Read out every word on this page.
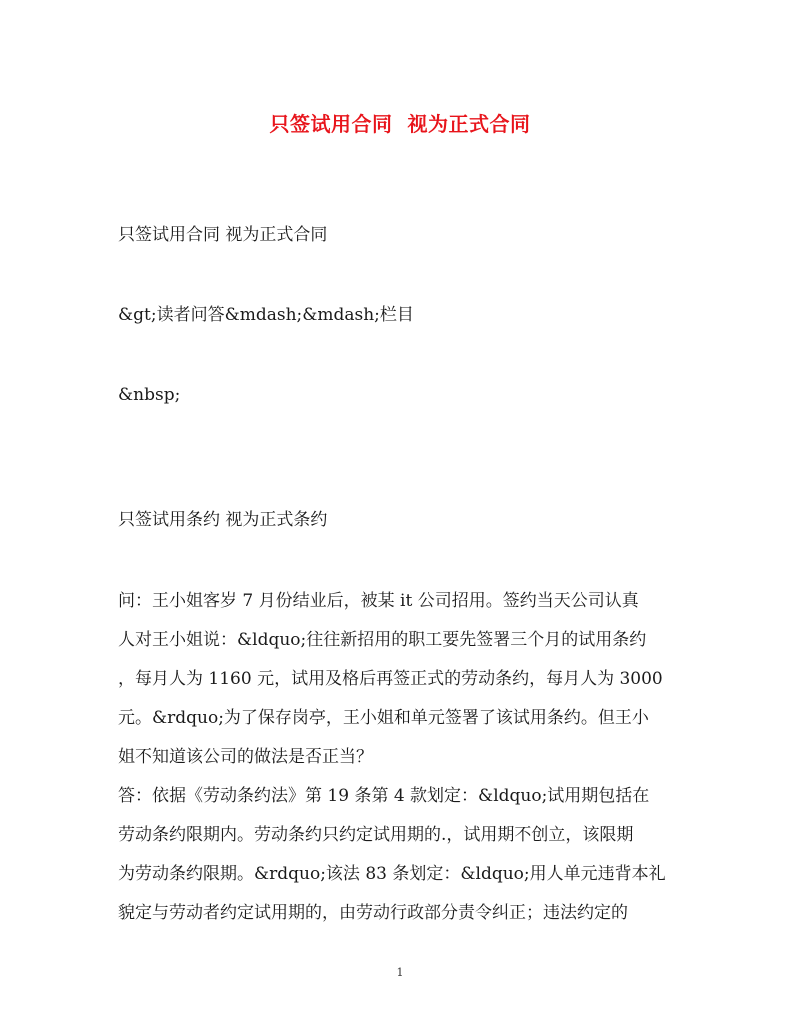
只签试用合同  视为正式合同
只签试用合同 视为正式合同
&gt;读者问答&mdash;&mdash;栏目
&nbsp;
只签试用条约 视为正式条约
问：王小姐客岁 7 月份结业后，被某 it 公司招用。签约当天公司认真
人对王小姐说：&ldquo;往往新招用的职工要先签署三个月的试用条约
，每月人为 1160 元，试用及格后再签正式的劳动条约，每月人为 3000
元。&rdquo;为了保存岗亭，王小姐和单元签署了该试用条约。但王小
姐不知道该公司的做法是否正当？
答：依据《劳动条约法》第 19 条第 4 款划定：&ldquo;试用期包括在
劳动条约限期内。劳动条约只约定试用期的.，试用期不创立，该限期
为劳动条约限期。&rdquo;该法 83 条划定：&ldquo;用人单元违背本礼
貌定与劳动者约定试用期的，由劳动行政部分责令纠正；违法约定的
1
